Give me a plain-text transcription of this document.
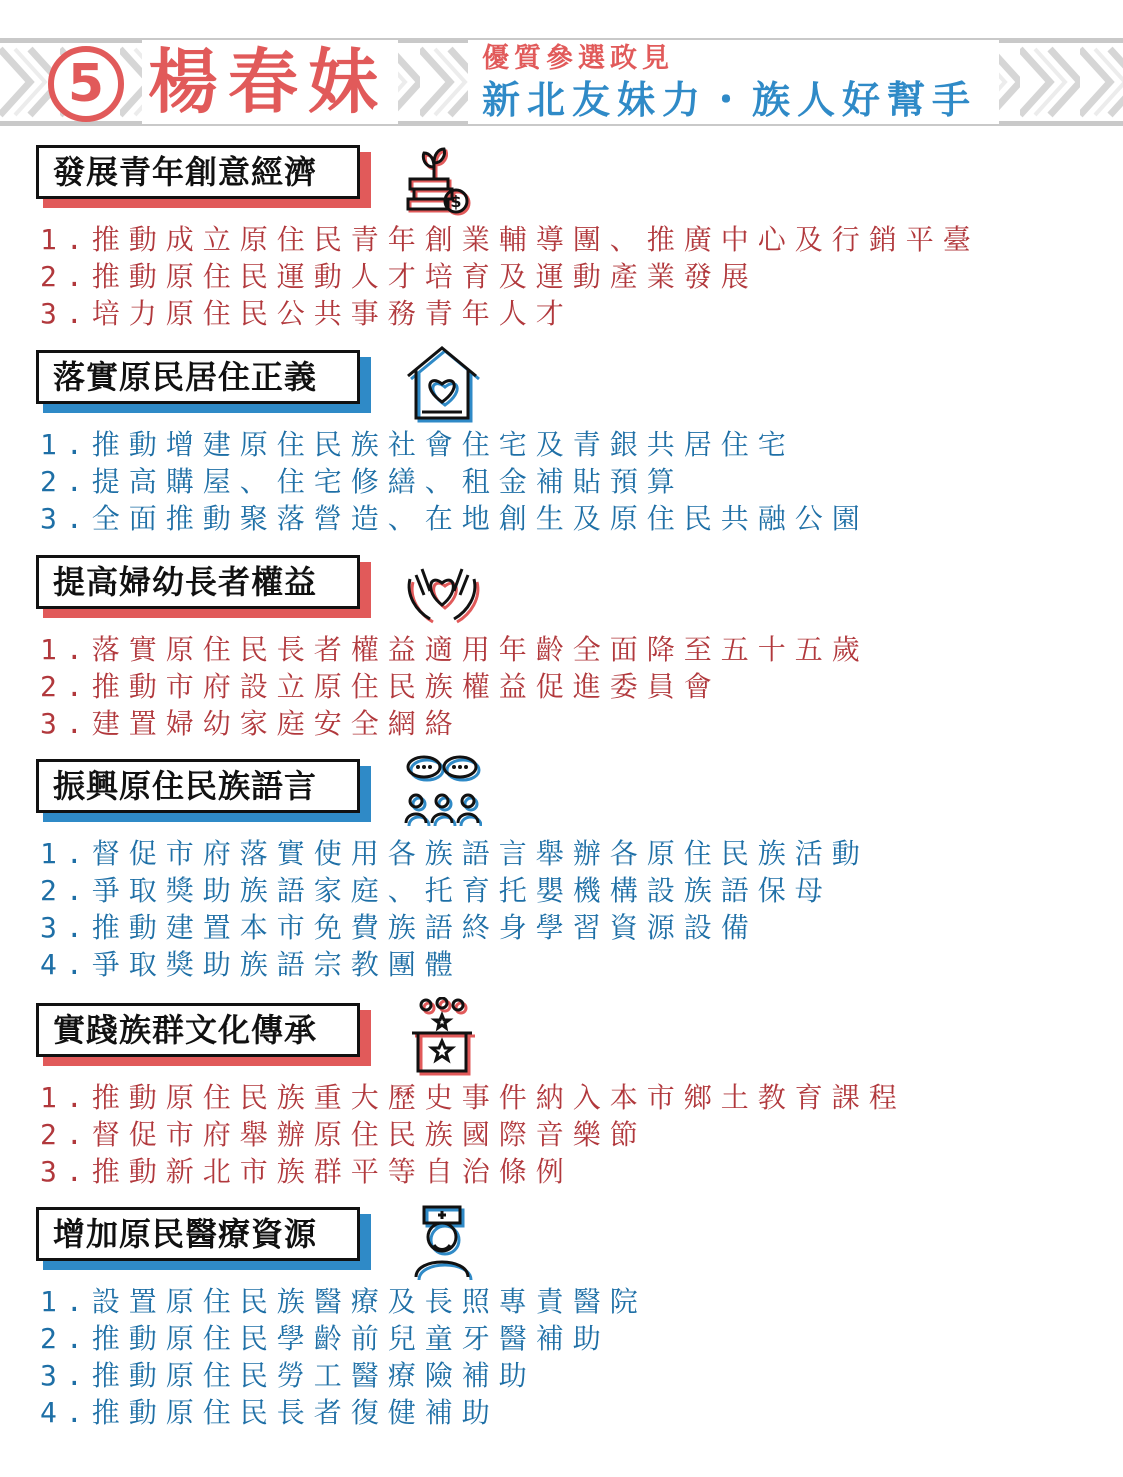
5 楊春妹	優質參選政見
新北友妹力・族人好幫手
發展青年創意經濟
$
1.推動成立原住民青年創業輔導團、推廣中心及行銷平臺
2.推動原住民運動人才培育及運動產業發展
3.培力原住民公共事務青年人才
落實原民居住正義
1.推動增建原住民族社會住宅及青銀共居住宅
2.提高購屋、住宅修繕、租金補貼預算
3.全面推動聚落營造、在地創生及原住民共融公園
提高婦幼長者權益
1.落實原住民長者權益適用年齡全面降至五十五歲
2.推動市府設立原住民族權益促進委員會
3.建置婦幼家庭安全網絡
振興原住民族語言
1.督促市府落實使用各族語言舉辦各原住民族活動
2.爭取獎助族語家庭、托育托嬰機構設族語保母
3.推動建置本市免費族語終身學習資源設備
4.爭取獎助族語宗教團體
實踐族群文化傳承
1.推動原住民族重大歷史事件納入本市鄉土教育課程
2.督促市府舉辦原住民族國際音樂節
3.推動新北市族群平等自治條例
增加原民醫療資源
1.設置原住民族醫療及長照專責醫院
2.推動原住民學齡前兒童牙醫補助
3.推動原住民勞工醫療險補助
4.推動原住民長者復健補助
